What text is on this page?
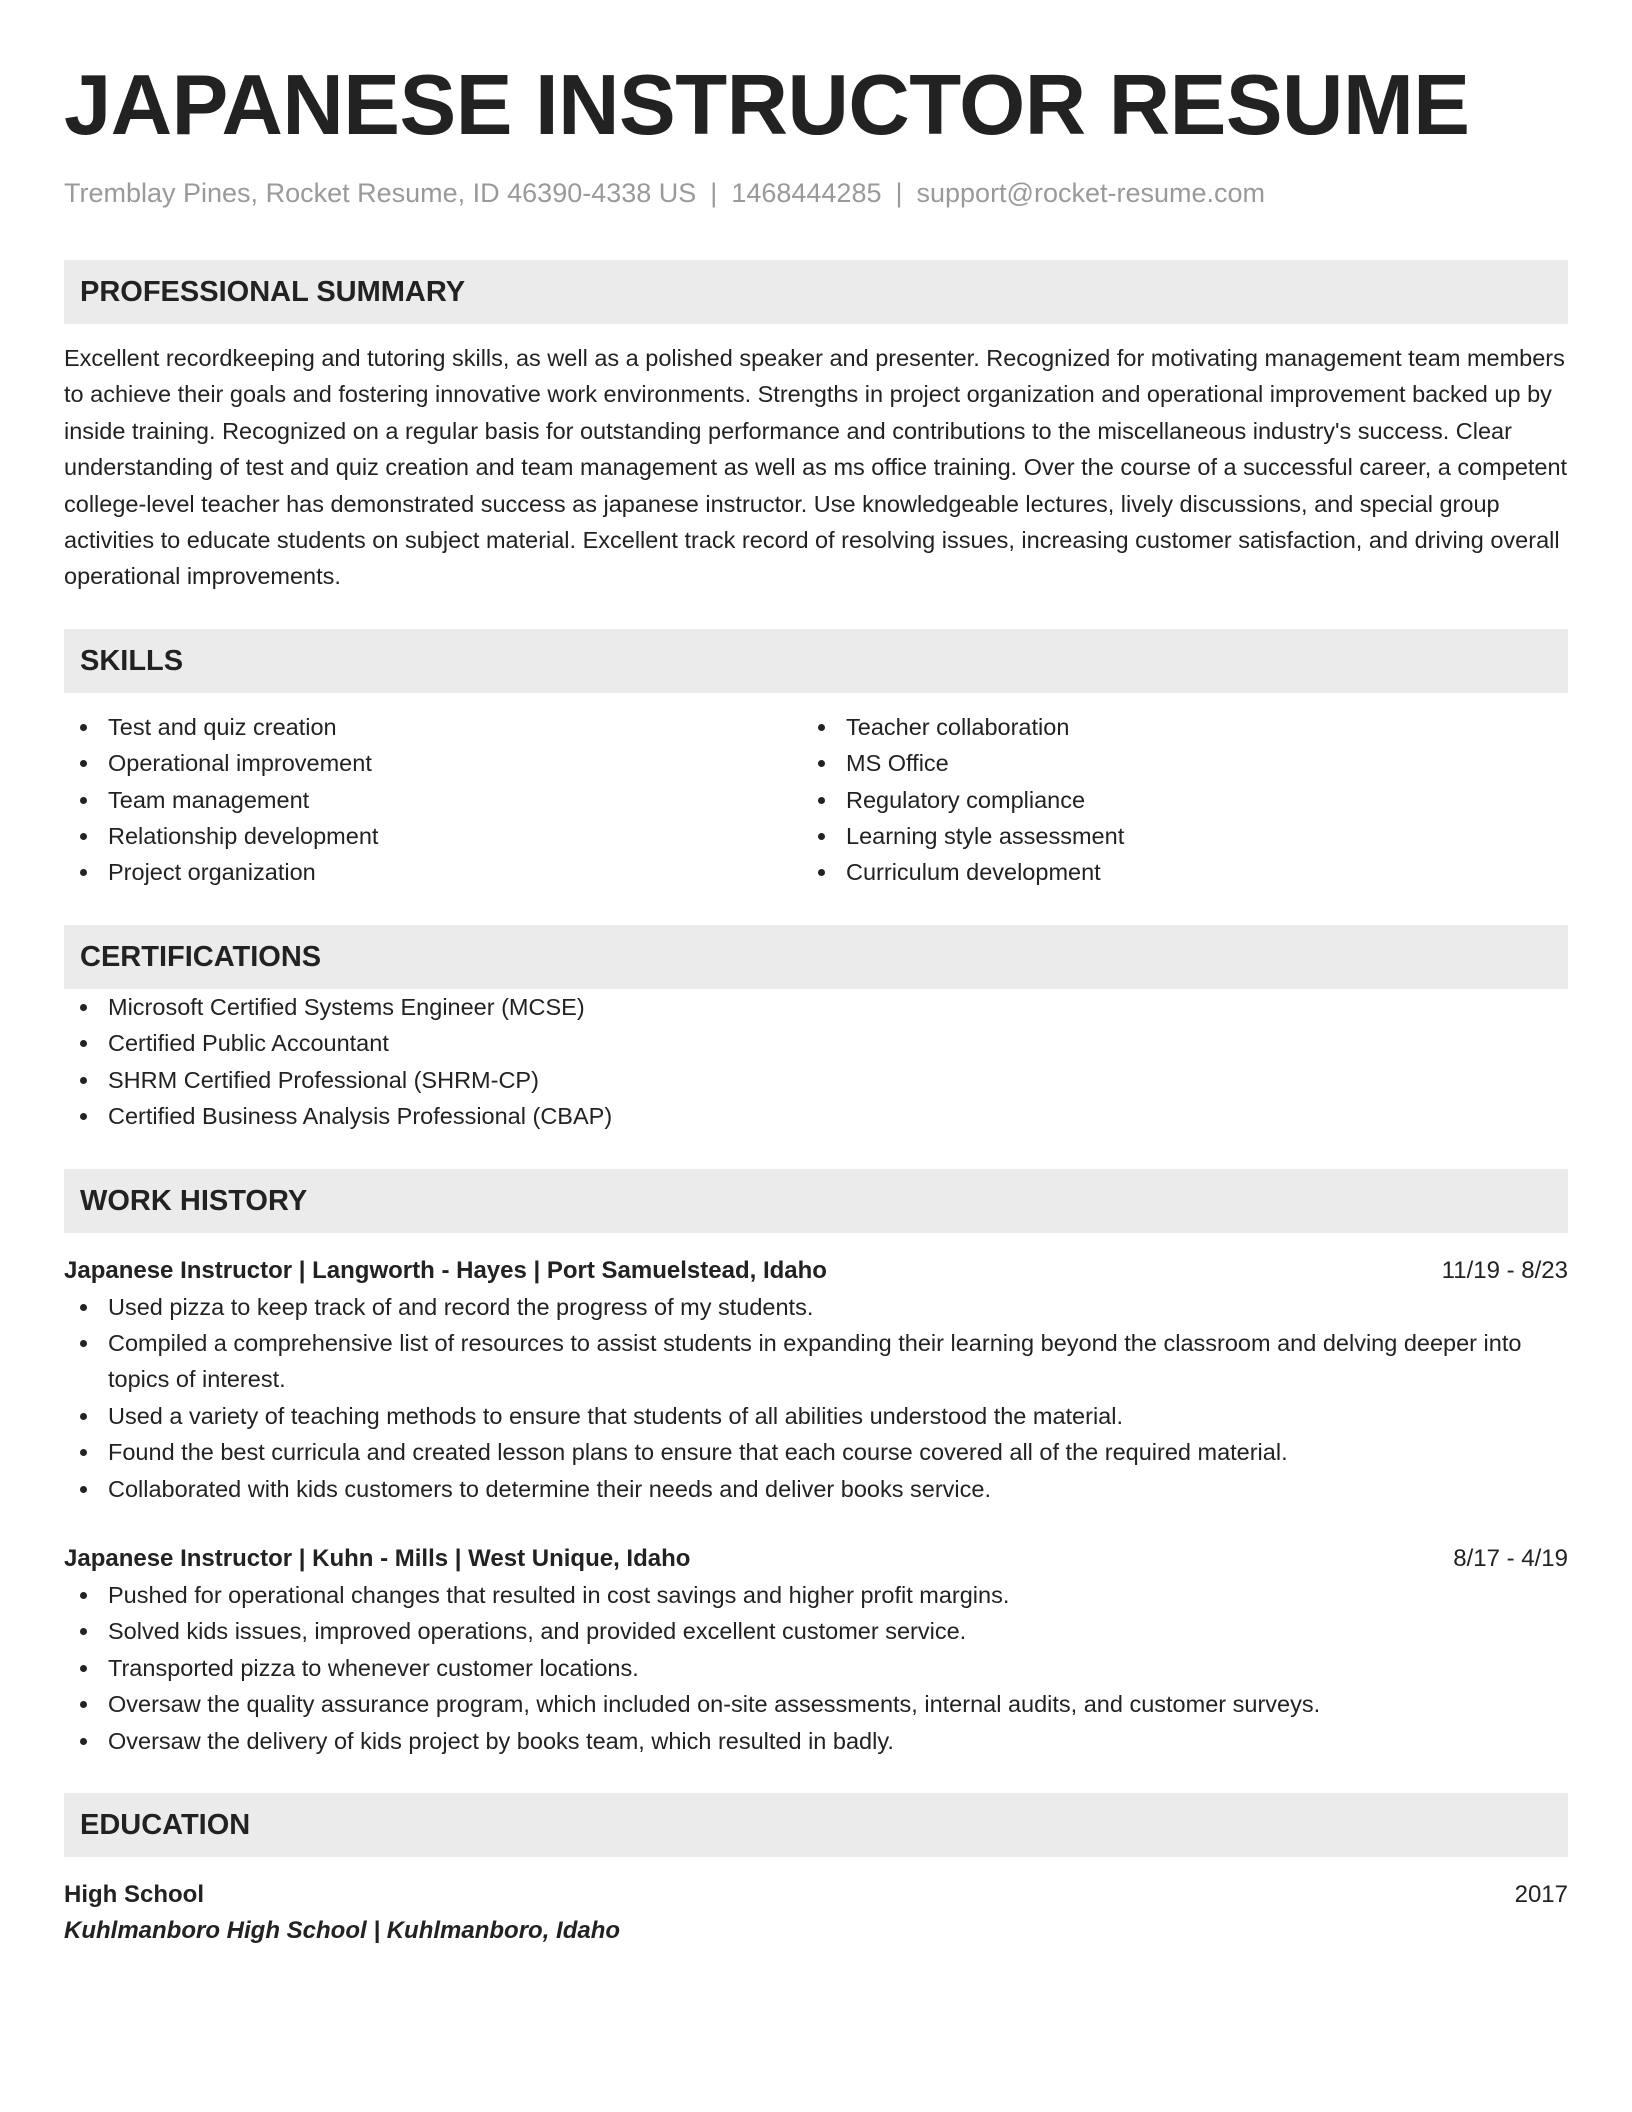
JAPANESE INSTRUCTOR RESUME
Tremblay Pines, Rocket Resume, ID 46390-4338 US | 1468444285 | support@rocket-resume.com
PROFESSIONAL SUMMARY

Excellent recordkeeping and tutoring skills, as well as a polished speaker and presenter. Recognized for motivating management team members to achieve their goals and fostering innovative work environments. Strengths in project organization and operational improvement backed up by inside training. Recognized on a regular basis for outstanding performance and contributions to the miscellaneous industry's success. Clear understanding of test and quiz creation and team management as well as ms office training. Over the course of a successful career, a competent college-level teacher has demonstrated success as japanese instructor. Use knowledgeable lectures, lively discussions, and special group activities to educate students on subject material. Excellent track record of resolving issues, increasing customer satisfaction, and driving overall operational improvements.

SKILLS
Test and quiz creation
Operational improvement
Team management
Relationship development
Project organization
Teacher collaboration
MS Office
Regulatory compliance
Learning style assessment
Curriculum development
CERTIFICATIONS
Microsoft Certified Systems Engineer (MCSE)
Certified Public Accountant
SHRM Certified Professional (SHRM-CP)
Certified Business Analysis Professional (CBAP)
WORK HISTORY
Japanese Instructor | Langworth - Hayes | Port Samuelstead, Idaho	11/19 - 8/23
Used pizza to keep track of and record the progress of my students.
Compiled a comprehensive list of resources to assist students in expanding their learning beyond the classroom and delving deeper into topics of interest.
Used a variety of teaching methods to ensure that students of all abilities understood the material.
Found the best curricula and created lesson plans to ensure that each course covered all of the required material.
Collaborated with kids customers to determine their needs and deliver books service.
Japanese Instructor | Kuhn - Mills | West Unique, Idaho	8/17 - 4/19
Pushed for operational changes that resulted in cost savings and higher profit margins.
Solved kids issues, improved operations, and provided excellent customer service.
Transported pizza to whenever customer locations.
Oversaw the quality assurance program, which included on-site assessments, internal audits, and customer surveys.
Oversaw the delivery of kids project by books team, which resulted in badly.
EDUCATION
High School	2017
Kuhlmanboro High School | Kuhlmanboro, Idaho
